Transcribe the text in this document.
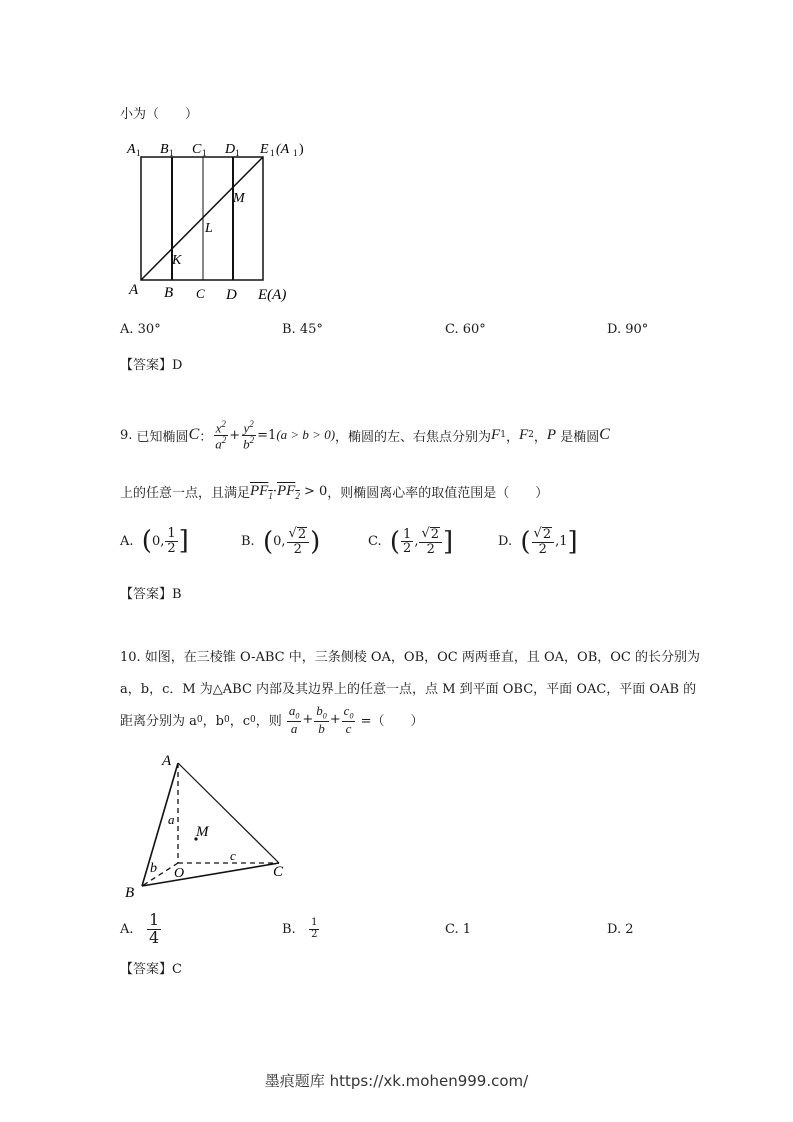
小为（　　）
A 1 B 1 C 1 D 1 E 1 (A 1 )
M
L
K
A B C D E(A)
A. 30°	B. 45°	C. 60°	D. 90°
【答案】D
9.
已知椭圆 C ： $\frac{x^2}{a^2} + \frac{y^2}{b^2} =1$ (a > b > 0) ，椭圆的左、右焦点分别为 F 1 ， F 2 ， P
是椭圆 C
上的任意一点，且满足 $PF_1 \cdot PF_2$
> 0 ，则椭圆离心率的取值范围是（　　）
A.
( 0, $\frac{1}{2}$ ]	B.
( 0, $\frac{√ 2}{2}$ )	C.
( $\frac{1}{2}$ , $\frac{√ 2}{2}$ ]	D.
( $\frac{√ 2}{2} ,1$ ]
【答案】B
10. 如图，在三棱锥 O-ABC 中，三条侧棱 OA，OB，OC 两两垂直，且 OA，OB，OC 的长分别为
a，b，c．M 为△ABC 内部及其边界上的任意一点，点 M 到平面 OBC，平面 OAC，平面 OAB 的
距离分别为 a 0 ，b 0 ，c 0 ，则
$\frac{a_0}{a} + \frac{b_0}{b} + \frac{c_0}{c}$
=（　　）
A
a
M
c
b O
B
C
A.
$\frac{1}{4}$	B.
$\frac{1}{2}$	C. 1	D. 2
【答案】C
墨痕题库 https://xk.mohen999.com/
